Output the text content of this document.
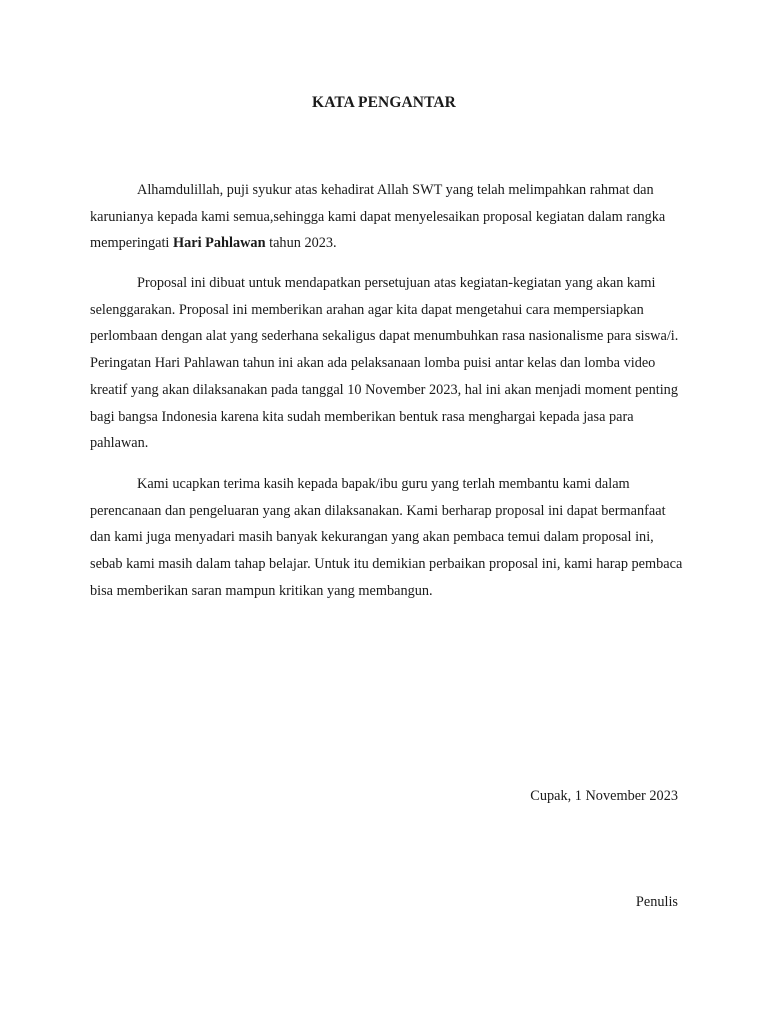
KATA PENGANTAR
Alhamdulillah, puji syukur atas kehadirat Allah SWT yang telah melimpahkan rahmat dan karunianya kepada kami semua,sehingga kami dapat menyelesaikan proposal kegiatan dalam rangka memperingati Hari Pahlawan tahun 2023.
Proposal ini dibuat untuk mendapatkan persetujuan atas kegiatan-kegiatan yang akan kami selenggarakan. Proposal ini memberikan arahan agar kita dapat mengetahui cara mempersiapkan perlombaan dengan alat yang sederhana sekaligus dapat menumbuhkan rasa nasionalisme para siswa/i. Peringatan Hari Pahlawan tahun ini akan ada pelaksanaan lomba puisi antar kelas dan lomba video kreatif yang akan dilaksanakan pada tanggal 10 November 2023, hal ini akan menjadi moment penting bagi bangsa Indonesia karena kita sudah memberikan bentuk rasa menghargai kepada jasa para pahlawan.
Kami ucapkan terima kasih kepada bapak/ibu guru yang terlah membantu kami dalam perencanaan dan pengeluaran yang akan dilaksanakan. Kami berharap proposal ini dapat bermanfaat dan kami juga menyadari masih banyak kekurangan yang akan pembaca temui dalam proposal ini, sebab kami masih dalam tahap belajar. Untuk itu demikian perbaikan proposal ini, kami harap pembaca bisa memberikan saran mampun kritikan yang membangun.
Cupak, 1 November 2023
Penulis
